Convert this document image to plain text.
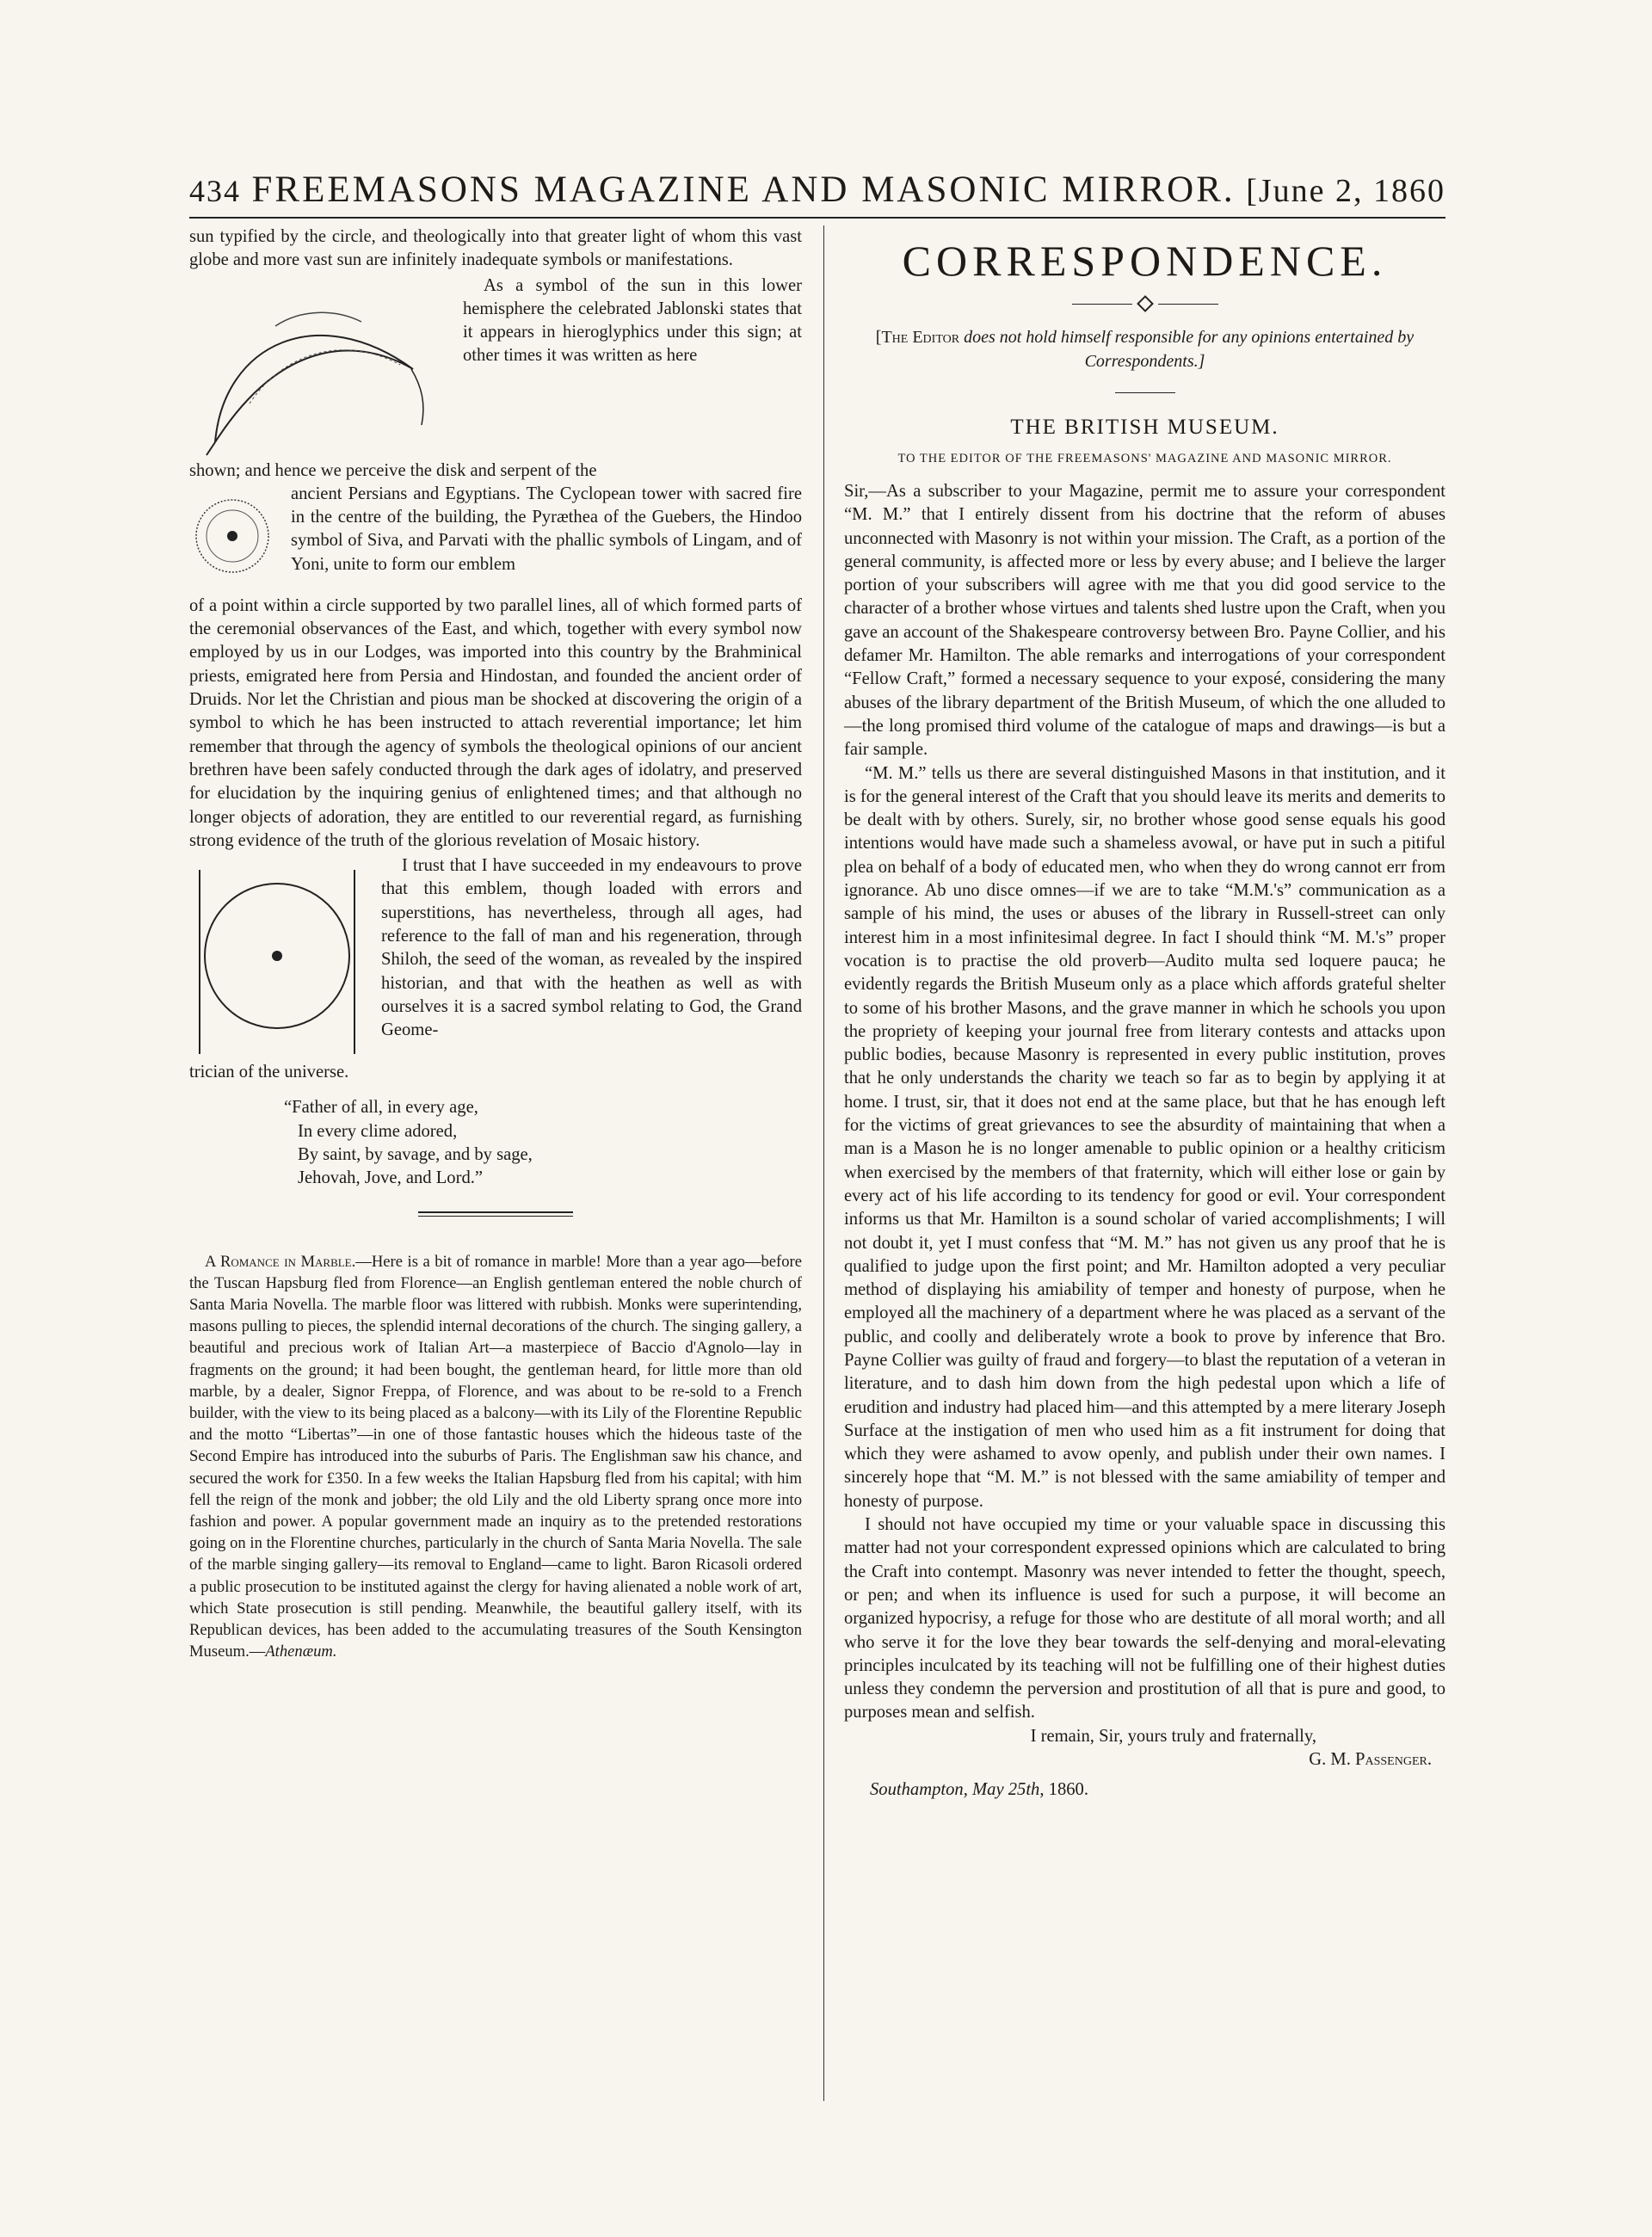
434 FREEMASONS MAGAZINE AND MASONIC MIRROR. [June 2, 1860

sun typified by the circle, and theologically into that greater light of whom this vast globe and more vast sun are infinitely inadequate symbols or manifestations.

As a symbol of the sun in this lower hemisphere the celebrated Jablonski states that it appears in hieroglyphics under this sign; at other times it was written as here

shown; and hence we perceive the disk and serpent of the

ancient Persians and Egyptians. The Cyclopean tower with sacred fire in the centre of the building, the Pyræthea of the Guebers, the Hindoo symbol of Siva, and Parvati with the phallic symbols of Lingam, and of Yoni, unite to form our emblem

of a point within a circle supported by two parallel lines, all of which formed parts of the ceremonial observances of the East, and which, together with every symbol now employed by us in our Lodges, was imported into this country by the Brahminical priests, emigrated here from Persia and Hindostan, and founded the ancient order of Druids. Nor let the Christian and pious man be shocked at discovering the origin of a symbol to which he has been instructed to attach reverential importance; let him remember that through the agency of symbols the theological opinions of our ancient brethren have been safely conducted through the dark ages of idolatry, and preserved for elucidation by the inquiring genius of enlightened times; and that although no longer objects of adoration, they are entitled to our reverential regard, as furnishing strong evidence of the truth of the glorious revelation of Mosaic history.

I trust that I have succeeded in my endeavours to prove that this emblem, though loaded with errors and superstitions, has nevertheless, through all ages, had reference to the fall of man and his regeneration, through Shiloh, the seed of the woman, as revealed by the inspired historian, and that with the heathen as well as with ourselves it is a sacred symbol relating to God, the Grand Geome-

trician of the universe.

“Father of all, in every age,
In every clime adored,
By saint, by savage, and by sage,
Jehovah, Jove, and Lord.”

A Romance in Marble.—Here is a bit of romance in marble! More than a year ago—before the Tuscan Hapsburg fled from Florence—an English gentleman entered the noble church of Santa Maria Novella. The marble floor was littered with rubbish. Monks were superintending, masons pulling to pieces, the splendid internal decorations of the church. The singing gallery, a beautiful and precious work of Italian Art—a masterpiece of Baccio d'Agnolo—lay in fragments on the ground; it had been bought, the gentleman heard, for little more than old marble, by a dealer, Signor Freppa, of Florence, and was about to be re-sold to a French builder, with the view to its being placed as a balcony—with its Lily of the Florentine Republic and the motto “Libertas”—in one of those fantastic houses which the hideous taste of the Second Empire has introduced into the suburbs of Paris. The Englishman saw his chance, and secured the work for £350. In a few weeks the Italian Hapsburg fled from his capital; with him fell the reign of the monk and jobber; the old Lily and the old Liberty sprang once more into fashion and power. A popular government made an inquiry as to the pretended restorations going on in the Florentine churches, particularly in the church of Santa Maria Novella. The sale of the marble singing gallery—its removal to England—came to light. Baron Ricasoli ordered a public prosecution to be instituted against the clergy for having alienated a noble work of art, which State prosecution is still pending. Meanwhile, the beautiful gallery itself, with its Republican devices, has been added to the accumulating treasures of the South Kensington Museum.—Athenæum.

CORRESPONDENCE.

[The Editor does not hold himself responsible for any opinions entertained by Correspondents.]

THE BRITISH MUSEUM.
TO THE EDITOR OF THE FREEMASONS' MAGAZINE AND MASONIC MIRROR.

Sir,—As a subscriber to your Magazine, permit me to assure your correspondent “M. M.” that I entirely dissent from his doctrine that the reform of abuses unconnected with Masonry is not within your mission. The Craft, as a portion of the general community, is affected more or less by every abuse; and I believe the larger portion of your subscribers will agree with me that you did good service to the character of a brother whose virtues and talents shed lustre upon the Craft, when you gave an account of the Shakespeare controversy between Bro. Payne Collier, and his defamer Mr. Hamilton. The able remarks and interrogations of your correspondent “Fellow Craft,” formed a necessary sequence to your exposé, considering the many abuses of the library department of the British Museum, of which the one alluded to—the long promised third volume of the catalogue of maps and drawings—is but a fair sample.

“M. M.” tells us there are several distinguished Masons in that institution, and it is for the general interest of the Craft that you should leave its merits and demerits to be dealt with by others. Surely, sir, no brother whose good sense equals his good intentions would have made such a shameless avowal, or have put in such a pitiful plea on behalf of a body of educated men, who when they do wrong cannot err from ignorance. Ab uno disce omnes—if we are to take “M.M.'s” communication as a sample of his mind, the uses or abuses of the library in Russell-street can only interest him in a most infinitesimal degree. In fact I should think “M. M.'s” proper vocation is to practise the old proverb—Audito multa sed loquere pauca; he evidently regards the British Museum only as a place which affords grateful shelter to some of his brother Masons, and the grave manner in which he schools you upon the propriety of keeping your journal free from literary contests and attacks upon public bodies, because Masonry is represented in every public institution, proves that he only understands the charity we teach so far as to begin by applying it at home. I trust, sir, that it does not end at the same place, but that he has enough left for the victims of great grievances to see the absurdity of maintaining that when a man is a Mason he is no longer amenable to public opinion or a healthy criticism when exercised by the members of that fraternity, which will either lose or gain by every act of his life according to its tendency for good or evil. Your correspondent informs us that Mr. Hamilton is a sound scholar of varied accomplishments; I will not doubt it, yet I must confess that “M. M.” has not given us any proof that he is qualified to judge upon the first point; and Mr. Hamilton adopted a very peculiar method of displaying his amiability of temper and honesty of purpose, when he employed all the machinery of a department where he was placed as a servant of the public, and coolly and deliberately wrote a book to prove by inference that Bro. Payne Collier was guilty of fraud and forgery—to blast the reputation of a veteran in literature, and to dash him down from the high pedestal upon which a life of erudition and industry had placed him—and this attempted by a mere literary Joseph Surface at the instigation of men who used him as a fit instrument for doing that which they were ashamed to avow openly, and publish under their own names. I sincerely hope that “M. M.” is not blessed with the same amiability of temper and honesty of purpose.

I should not have occupied my time or your valuable space in discussing this matter had not your correspondent expressed opinions which are calculated to bring the Craft into contempt. Masonry was never intended to fetter the thought, speech, or pen; and when its influence is used for such a purpose, it will become an organized hypocrisy, a refuge for those who are destitute of all moral worth; and all who serve it for the love they bear towards the self-denying and moral-elevating principles inculcated by its teaching will not be fulfilling one of their highest duties unless they condemn the perversion and prostitution of all that is pure and good, to purposes mean and selfish.

I remain, Sir, yours truly and fraternally,

G. M. Passenger.

Southampton, May 25th, 1860.
